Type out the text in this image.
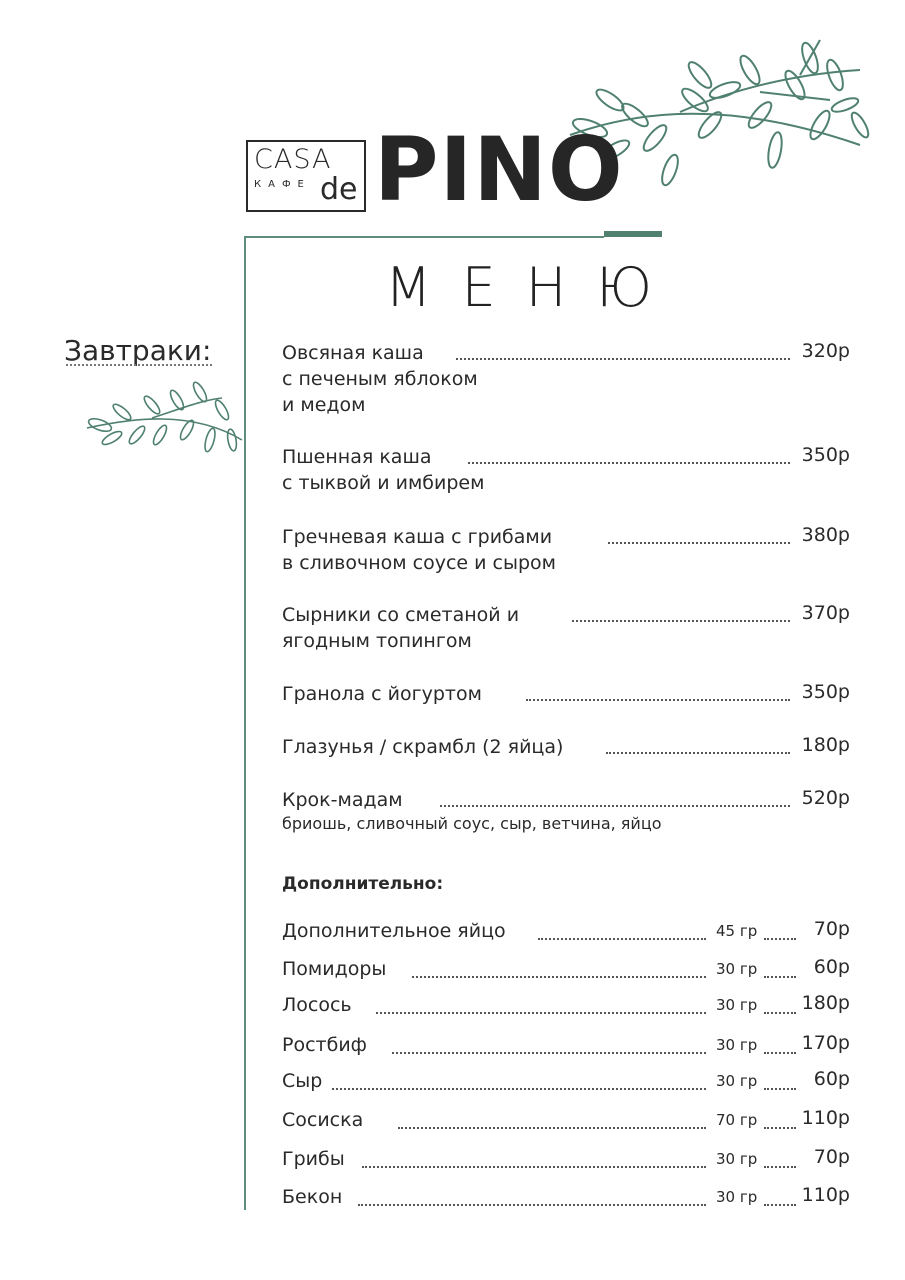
CASA
КАФЕ de PINO
МЕНЮ
Завтраки:	Овсяная каша	320р
с печеным яблоком
и медом
Пшенная каша	350р
с тыквой и имбирем
Гречневая каша с грибами	380р
в сливочном соусе и сыром
Сырники со сметаной и	370р
ягодным топингом
Гранола с йогуртом	350р
Глазунья / скрамбл (2 яйца)	180р
Крок-мадам	520р
бриошь, сливочный соус, сыр, ветчина, яйцо
Дополнительно:
Дополнительное яйцо	45 гр	70р
Помидоры	30 гр	60р
Лосось	30 гр	180р
Ростбиф	30 гр	170р
Сыр	30 гр	60р
Сосиска	70 гр	110р
Грибы	30 гр	70р
Бекон	30 гр	110р
